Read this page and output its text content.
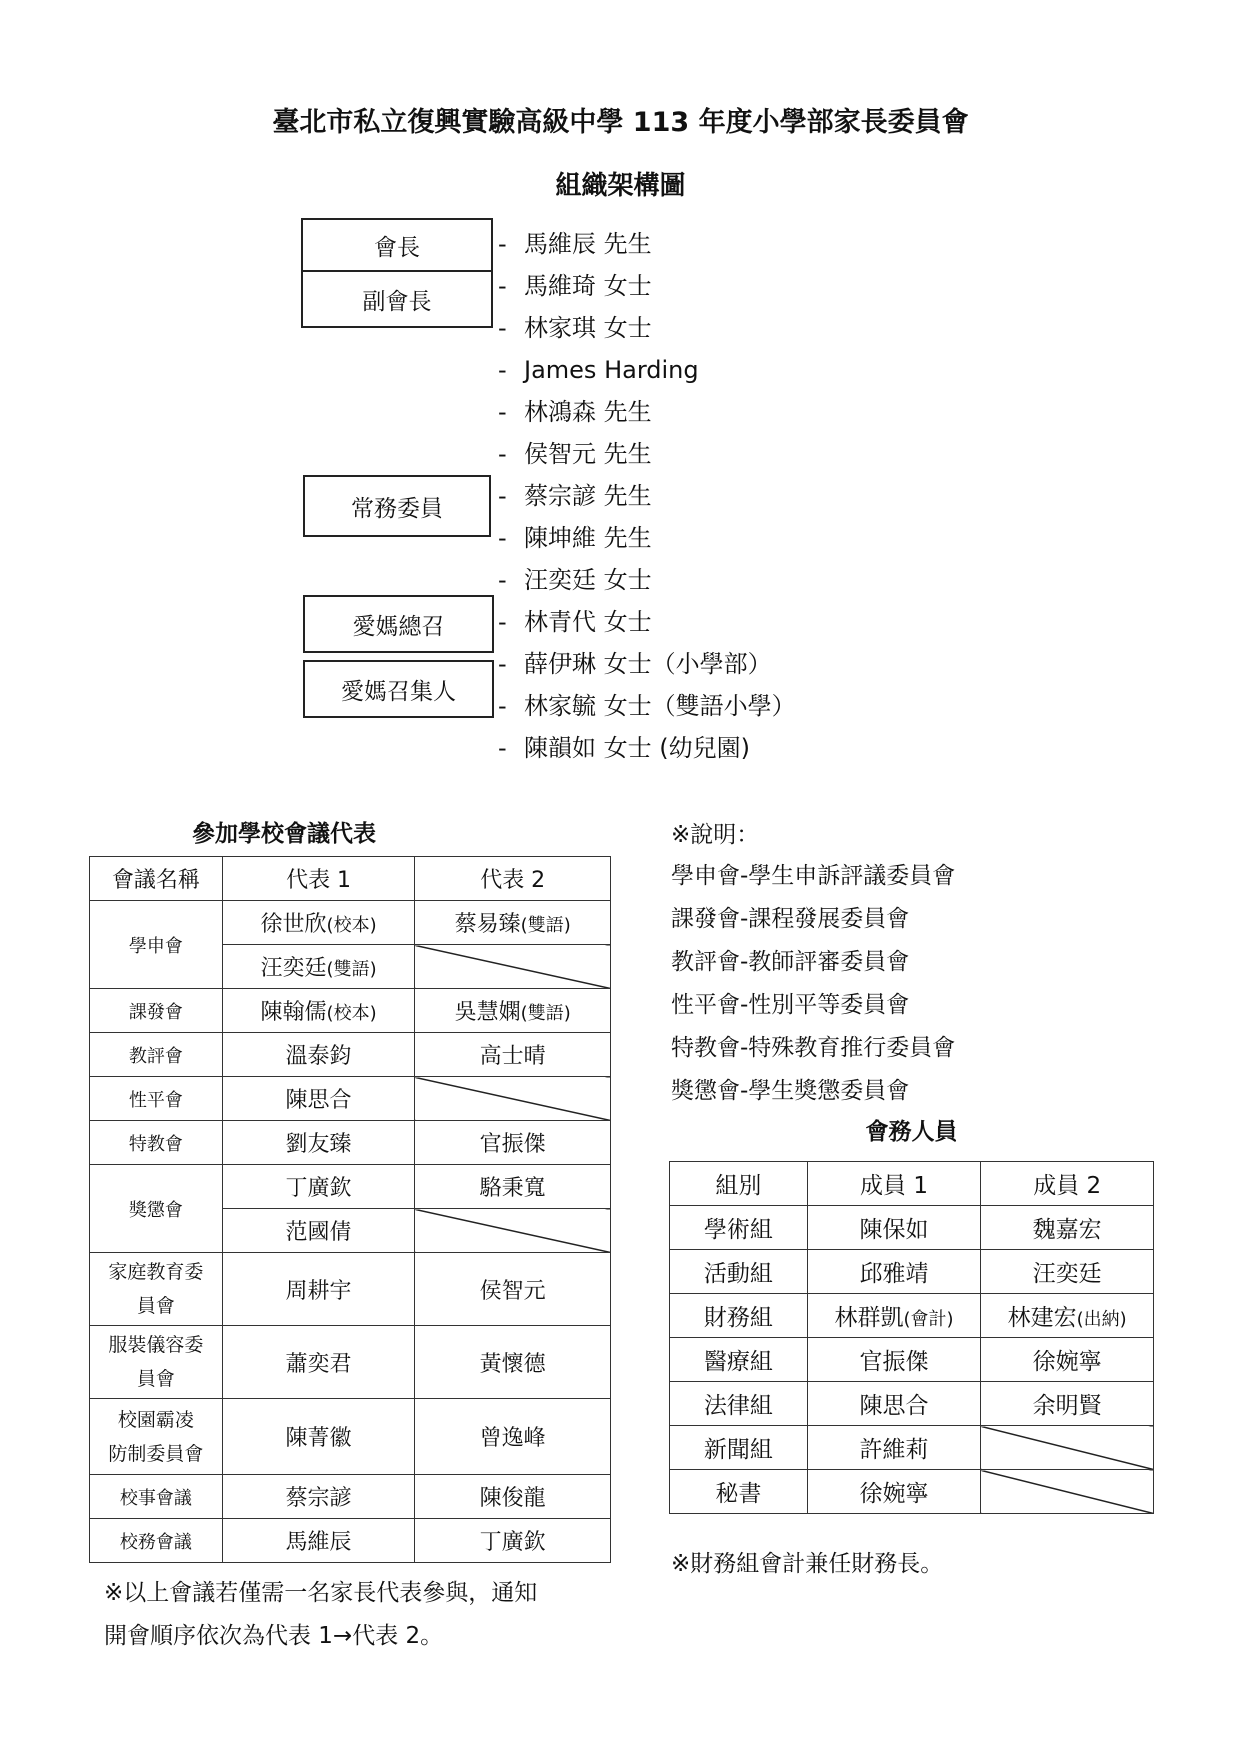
臺北市私立復興實驗高級中學 113 年度小學部家長委員會
組織架構圖
會長
副會長
常務委員
愛媽總召
愛媽召集人
- 馬維辰 先生
- 馬維琦 女士
- 林家琪 女士
- James Harding
- 林鴻森 先生
- 侯智元 先生
- 蔡宗諺 先生
- 陳坤維 先生
- 汪奕廷 女士
- 林青代 女士
- 薛伊琳 女士（小學部）
- 林家毓 女士（雙語小學）
- 陳韻如 女士 (幼兒園)
參加學校會議代表
會議名稱	代表 1	代表 2
學申會	徐世欣(校本)	蔡易臻(雙語)
	汪奕廷(雙語)	
課發會	陳翰儒(校本)	吳慧嫻(雙語)
教評會	溫泰鈞	高士晴
性平會	陳思合	
特教會	劉友臻	官振傑
獎懲會	丁廣欽	駱秉寬
	范國倩	

家庭教育委
員會	周耕宇	侯智元

服裝儀容委
員會	蕭奕君	黃懷德

校園霸凌
防制委員會	陳菁徽	曾逸峰
校事會議	蔡宗諺	陳俊龍
校務會議	馬維辰	丁廣欽
※以上會議若僅需一名家長代表參與，通知
開會順序依次為代表 1→代表 2。
※說明：
學申會-學生申訴評議委員會
課發會-課程發展委員會
教評會-教師評審委員會
性平會-性別平等委員會
特教會-特殊教育推行委員會
獎懲會-學生獎懲委員會
會務人員
組別	成員 1	成員 2
學術組	陳保如	魏嘉宏
活動組	邱雅靖	汪奕廷
財務組	林群凱(會計)	林建宏(出納)
醫療組	官振傑	徐婉寧
法律組	陳思合	余明賢
新聞組	許維莉	
秘書	徐婉寧	
※財務組會計兼任財務長。
